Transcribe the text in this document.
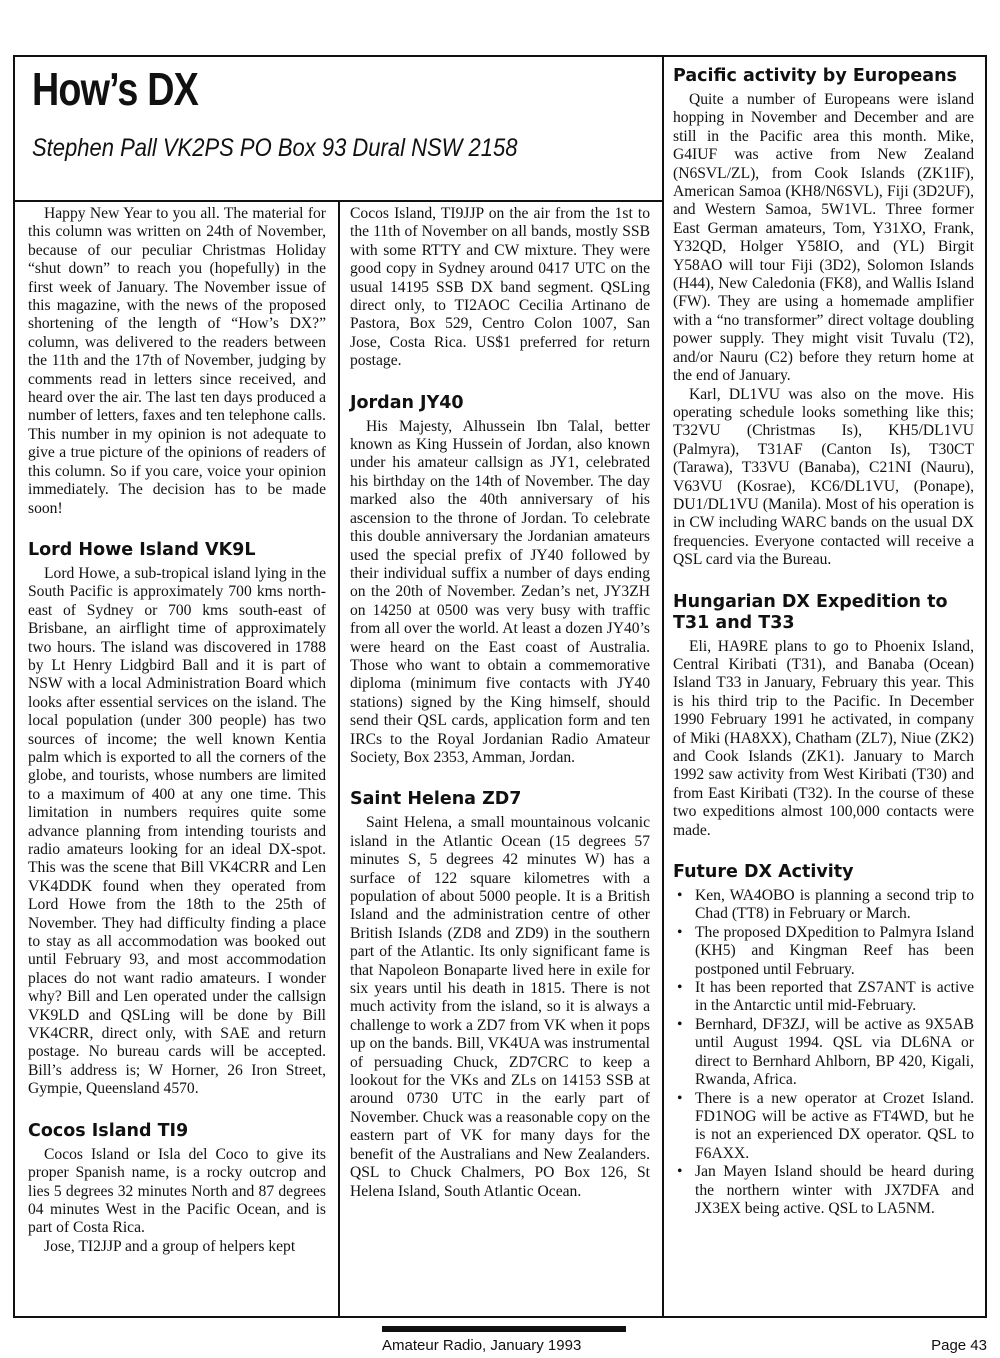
How’s DX
Stephen Pall VK2PS PO Box 93 Dural NSW 2158

Happy New Year to you all. The material for this column was written on 24th of November, because of our peculiar Christmas Holiday “shut down” to reach you (hopefully) in the first week of January. The November issue of this magazine, with the news of the proposed shortening of the length of “How’s DX?” column, was delivered to the readers between the 11th and the 17th of November, judging by comments read in letters since received, and heard over the air. The last ten days produced a number of letters, faxes and ten telephone calls. This number in my opinion is not adequate to give a true picture of the opinions of readers of this column. So if you care, voice your opinion immediately. The decision has to be made soon!

Lord Howe Island VK9L

Lord Howe, a sub-tropical island lying in the South Pacific is approximately 700 kms north-east of Sydney or 700 kms south-east of Brisbane, an airflight time of approximately two hours. The island was discovered in 1788 by Lt Henry Lidgbird Ball and it is part of NSW with a local Administration Board which looks after essential services on the island. The local population (under 300 people) has two sources of income; the well known Kentia palm which is exported to all the corners of the globe, and tourists, whose numbers are limited to a maximum of 400 at any one time. This limitation in numbers requires quite some advance planning from intending tourists and radio amateurs looking for an ideal DX-spot. This was the scene that Bill VK4CRR and Len VK4DDK found when they operated from Lord Howe from the 18th to the 25th of November. They had difficulty finding a place to stay as all accommodation was booked out until February 93, and most accommodation places do not want radio amateurs. I wonder why? Bill and Len operated under the callsign VK9LD and QSLing will be done by Bill VK4CRR, direct only, with SAE and return postage. No bureau cards will be accepted. Bill’s address is; W Horner, 26 Iron Street, Gympie, Queensland 4570.

Cocos Island TI9

Cocos Island or Isla del Coco to give its proper Spanish name, is a rocky outcrop and lies 5 degrees 32 minutes North and 87 degrees 04 minutes West in the Pacific Ocean, and is part of Costa Rica.

Jose, TI2JJP and a group of helpers kept

Cocos Island, TI9JJP on the air from the 1st to the 11th of November on all bands, mostly SSB with some RTTY and CW mixture. They were good copy in Sydney around 0417 UTC on the usual 14195 SSB DX band segment. QSLing direct only, to TI2AOC Cecilia Artinano de Pastora, Box 529, Centro Colon 1007, San Jose, Costa Rica. US$1 preferred for return postage.

Jordan JY40

His Majesty, Alhussein Ibn Talal, better known as King Hussein of Jordan, also known under his amateur callsign as JY1, celebrated his birthday on the 14th of November. The day marked also the 40th anniversary of his ascension to the throne of Jordan. To celebrate this double anniversary the Jordanian amateurs used the special prefix of JY40 followed by their individual suffix a number of days ending on the 20th of November. Zedan’s net, JY3ZH on 14250 at 0500 was very busy with traffic from all over the world. At least a dozen JY40’s were heard on the East coast of Australia. Those who want to obtain a commemorative diploma (minimum five contacts with JY40 stations) signed by the King himself, should send their QSL cards, application form and ten IRCs to the Royal Jordanian Radio Amateur Society, Box 2353, Amman, Jordan.

Saint Helena ZD7

Saint Helena, a small mountainous volcanic island in the Atlantic Ocean (15 degrees 57 minutes S, 5 degrees 42 minutes W) has a surface of 122 square kilometres with a population of about 5000 people. It is a British Island and the administration centre of other British Islands (ZD8 and ZD9) in the southern part of the Atlantic. Its only significant fame is that Napoleon Bonaparte lived here in exile for six years until his death in 1815. There is not much activity from the island, so it is always a challenge to work a ZD7 from VK when it pops up on the bands. Bill, VK4UA was instrumental of persuading Chuck, ZD7CRC to keep a lookout for the VKs and ZLs on 14153 SSB at around 0730 UTC in the early part of November. Chuck was a reasonable copy on the eastern part of VK for many days for the benefit of the Australians and New Zealanders. QSL to Chuck Chalmers, PO Box 126, St Helena Island, South Atlantic Ocean.

Pacific activity by Europeans

Quite a number of Europeans were island hopping in November and December and are still in the Pacific area this month. Mike, G4IUF was active from New Zealand (N6SVL/ZL), from Cook Islands (ZK1IF), American Samoa (KH8/N6SVL), Fiji (3D2UF), and Western Samoa, 5W1VL. Three former East German amateurs, Tom, Y31XO, Frank, Y32QD, Holger Y58IO, and (YL) Birgit Y58AO will tour Fiji (3D2), Solomon Islands (H44), New Caledonia (FK8), and Wallis Island (FW). They are using a homemade amplifier with a “no transformer” direct voltage doubling power supply. They might visit Tuvalu (T2), and/or Nauru (C2) before they return home at the end of January.

Karl, DL1VU was also on the move. His operating schedule looks something like this; T32VU (Christmas Is), KH5/DL1VU (Palmyra), T31AF (Canton Is), T30CT (Tarawa), T33VU (Banaba), C21NI (Nauru), V63VU (Kosrae), KC6/DL1VU, (Ponape), DU1/DL1VU (Manila). Most of his operation is in CW including WARC bands on the usual DX frequencies. Everyone contacted will receive a QSL card via the Bureau.

Hungarian DX Expedition to T31 and T33

Eli, HA9RE plans to go to Phoenix Island, Central Kiribati (T31), and Banaba (Ocean) Island T33 in January, February this year. This is his third trip to the Pacific. In December 1990 February 1991 he activated, in company of Miki (HA8XX), Chatham (ZL7), Niue (ZK2) and Cook Islands (ZK1). January to March 1992 saw activity from West Kiribati (T30) and from East Kiribati (T32). In the course of these two expeditions almost 100,000 contacts were made.

Future DX Activity
• Ken, WA4OBO is planning a second trip to Chad (TT8) in February or March.
• The proposed DXpedition to Palmyra Island (KH5) and Kingman Reef has been postponed until February.
• It has been reported that ZS7ANT is active in the Antarctic until mid-February.
• Bernhard, DF3ZJ, will be active as 9X5AB until August 1994. QSL via DL6NA or direct to Bernhard Ahlborn, BP 420, Kigali, Rwanda, Africa.
• There is a new operator at Crozet Island. FD1NOG will be active as FT4WD, but he is not an experienced DX operator. QSL to F6AXX.
• Jan Mayen Island should be heard during the northern winter with JX7DFA and JX3EX being active. QSL to LA5NM.
Amateur Radio, January 1993	Page 43
